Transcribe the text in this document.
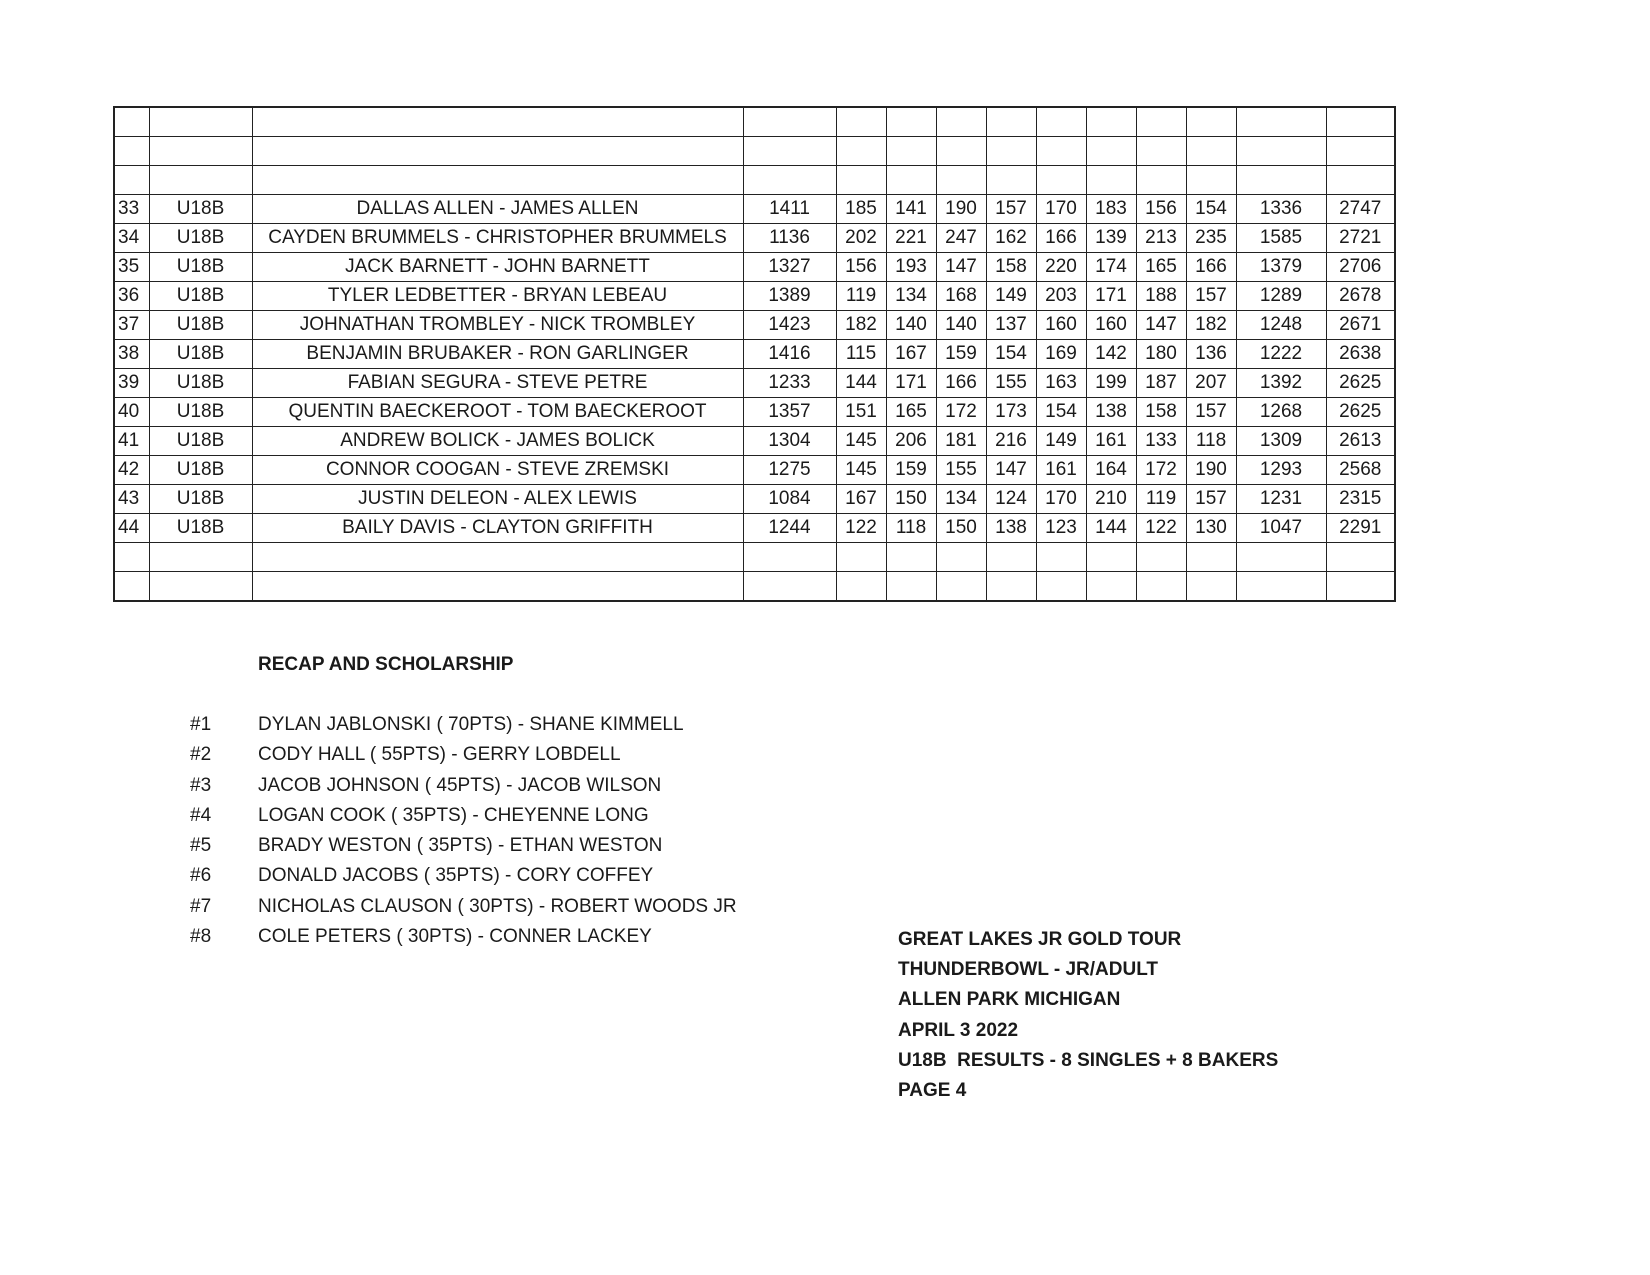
33	U18B	DALLAS ALLEN - JAMES ALLEN	1411	185	141	190	157	170	183	156	154	1336	2747
34	U18B	CAYDEN BRUMMELS - CHRISTOPHER BRUMMELS	1136	202	221	247	162	166	139	213	235	1585	2721
35	U18B	JACK BARNETT - JOHN BARNETT	1327	156	193	147	158	220	174	165	166	1379	2706
36	U18B	TYLER LEDBETTER - BRYAN LEBEAU	1389	119	134	168	149	203	171	188	157	1289	2678
37	U18B	JOHNATHAN TROMBLEY - NICK TROMBLEY	1423	182	140	140	137	160	160	147	182	1248	2671
38	U18B	BENJAMIN BRUBAKER - RON GARLINGER	1416	115	167	159	154	169	142	180	136	1222	2638
39	U18B	FABIAN SEGURA - STEVE PETRE	1233	144	171	166	155	163	199	187	207	1392	2625
40	U18B	QUENTIN BAECKEROOT - TOM BAECKEROOT	1357	151	165	172	173	154	138	158	157	1268	2625
41	U18B	ANDREW BOLICK - JAMES BOLICK	1304	145	206	181	216	149	161	133	118	1309	2613
42	U18B	CONNOR COOGAN - STEVE ZREMSKI	1275	145	159	155	147	161	164	172	190	1293	2568
43	U18B	JUSTIN DELEON - ALEX LEWIS	1084	167	150	134	124	170	210	119	157	1231	2315
44	U18B	BAILY DAVIS - CLAYTON GRIFFITH	1244	122	118	150	138	123	144	122	130	1047	2291

RECAP AND SCHOLARSHIP
#1 DYLAN JABLONSKI ( 70PTS) - SHANE KIMMELL
#2 CODY HALL ( 55PTS) - GERRY LOBDELL
#3 JACOB JOHNSON ( 45PTS) - JACOB WILSON
#4 LOGAN COOK ( 35PTS) - CHEYENNE LONG
#5 BRADY WESTON ( 35PTS) - ETHAN WESTON
#6 DONALD JACOBS ( 35PTS) - CORY COFFEY
#7 NICHOLAS CLAUSON ( 30PTS) - ROBERT WOODS JR
#8 COLE PETERS ( 30PTS) - CONNER LACKEY	GREAT LAKES JR GOLD TOUR
THUNDERBOWL - JR/ADULT
ALLEN PARK MICHIGAN
APRIL 3 2022
U18B  RESULTS - 8 SINGLES + 8 BAKERS
PAGE 4
